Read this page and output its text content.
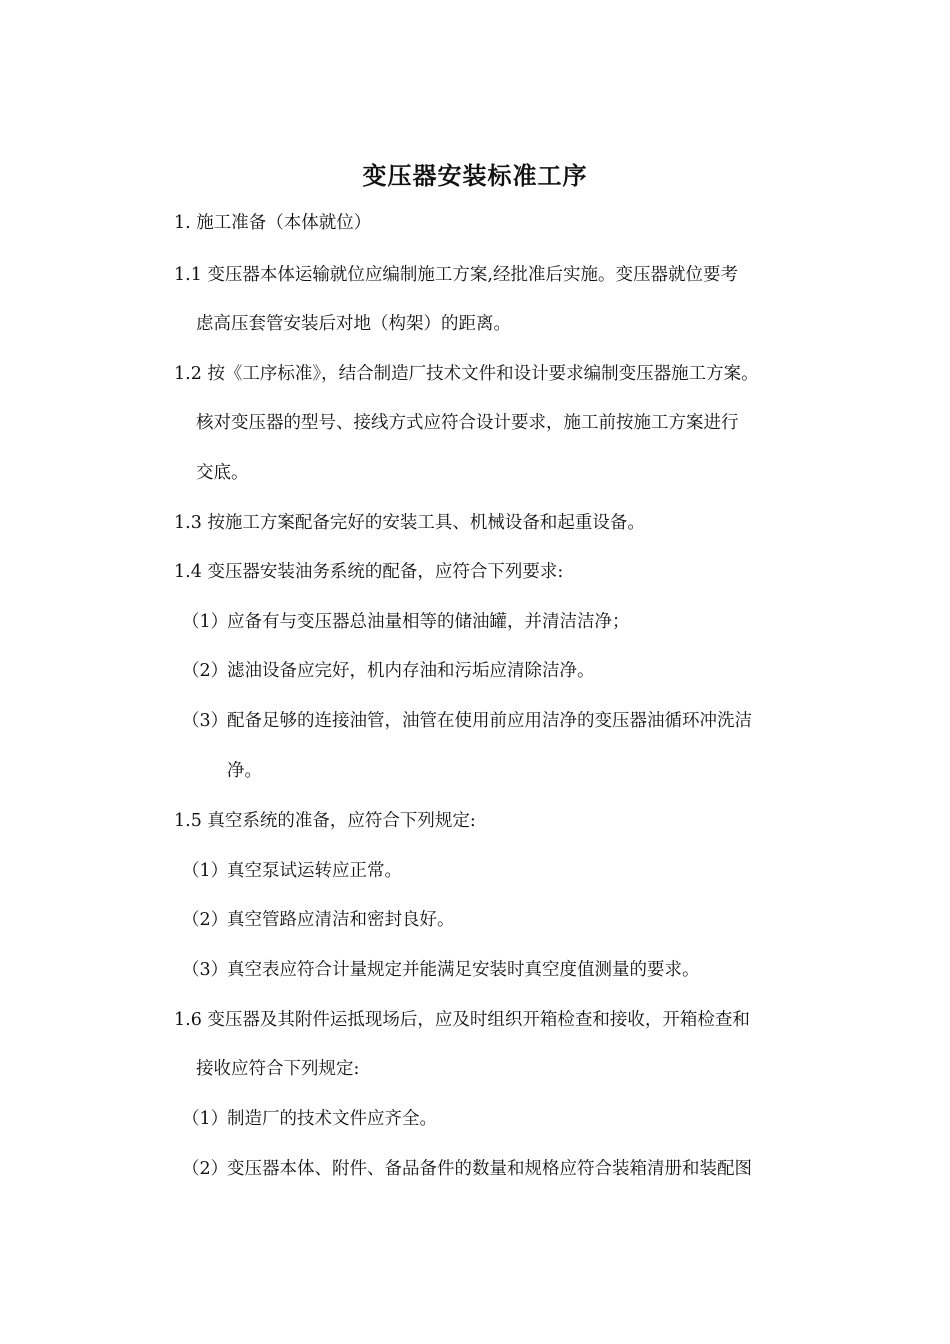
变压器安装标准工序
1. 施工准备（本体就位）
1.1 变压器本体运输就位应编制施工方案,经批准后实施。变压器就位要考
虑高压套管安装后对地（构架）的距离。
1.2 按《工序标准》，结合制造厂技术文件和设计要求编制变压器施工方案。
核对变压器的型号、接线方式应符合设计要求，施工前按施工方案进行
交底。
1.3 按施工方案配备完好的安装工具、机械设备和起重设备。
1.4 变压器安装油务系统的配备，应符合下列要求:
（1）应备有与变压器总油量相等的储油罐，并清洁洁净；
（2）滤油设备应完好，机内存油和污垢应清除洁净。
（3）配备足够的连接油管，油管在使用前应用洁净的变压器油循环冲洗洁
净。
1.5 真空系统的准备，应符合下列规定:
（1）真空泵试运转应正常。
（2）真空管路应清洁和密封良好。
（3）真空表应符合计量规定并能满足安装时真空度值测量的要求。
1.6 变压器及其附件运抵现场后，应及时组织开箱检查和接收，开箱检查和
接收应符合下列规定:
（1）制造厂的技术文件应齐全。
（2）变压器本体、附件、备品备件的数量和规格应符合装箱清册和装配图
